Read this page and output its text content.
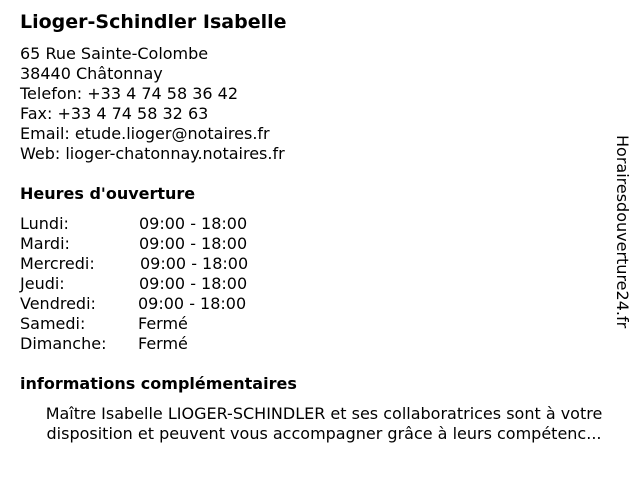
Lioger-Schindler Isabelle
65 Rue Sainte-Colombe
38440 Châtonnay
Telefon: +33 4 74 58 36 42
Fax: +33 4 74 58 32 63
Email: etude.lioger@notaires.fr
Web: lioger-chatonnay.notaires.fr
Heures d'ouverture
Lundi:	09:00 - 18:00
Mardi:	09:00 - 18:00
Mercredi:	09:00 - 18:00
Jeudi:	09:00 - 18:00
Vendredi:	09:00 - 18:00
Samedi:	Fermé
Dimanche: Fermé
informations complémentaires
Maître Isabelle LIOGER-SCHINDLER et ses collaboratrices sont à votre
disposition et peuvent vous accompagner grâce à leurs compétenc...
Horairesdouverture24.fr
